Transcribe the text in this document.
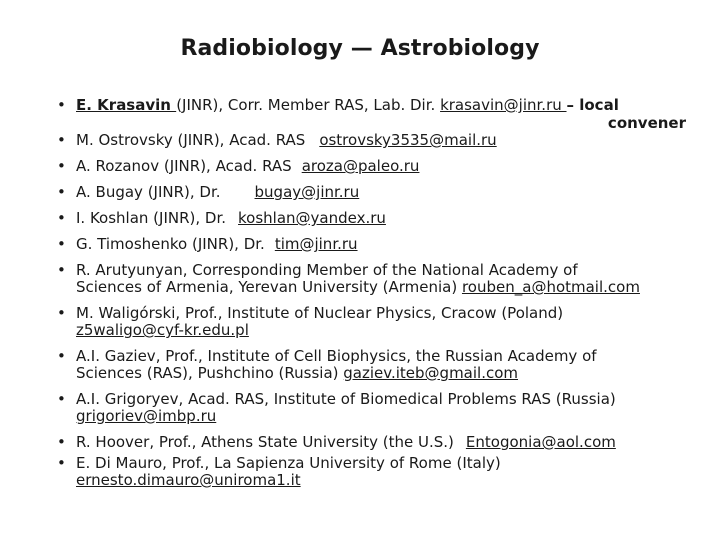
Radiobiology — Astrobiology
• E. Krasavin (JINR), Corr. Member RAS, Lab. Dir. krasavin@jinr.ru – local
convener
• M. Ostrovsky (JINR), Acad. RAS ostrovsky3535@mail.ru
• A. Rozanov (JINR), Acad. RAS aroza@paleo.ru
• A. Bugay (JINR), Dr. bugay@jinr.ru
• I. Koshlan (JINR), Dr. koshlan@yandex.ru
• G. Timoshenko (JINR), Dr. tim@jinr.ru
• R. Arutyunyan, Corresponding Member of the National Academy of
Sciences of Armenia, Yerevan University (Armenia) rouben_a@hotmail.com
• M. Waligórski, Prof., Institute of Nuclear Physics, Cracow (Poland)
z5waligo@cyf-kr.edu.pl
• A.I. Gaziev, Prof., Institute of Cell Biophysics, the Russian Academy of
Sciences (RAS), Pushchino (Russia) gaziev.iteb@gmail.com
• A.I. Grigoryev, Acad. RAS, Institute of Biomedical Problems RAS (Russia)
grigoriev@imbp.ru
• R. Hoover, Prof., Athens State University (the U.S.) Entogonia@aol.com
• E. Di Mauro, Prof., La Sapienza University of Rome (Italy)
ernesto.dimauro@uniroma1.it
